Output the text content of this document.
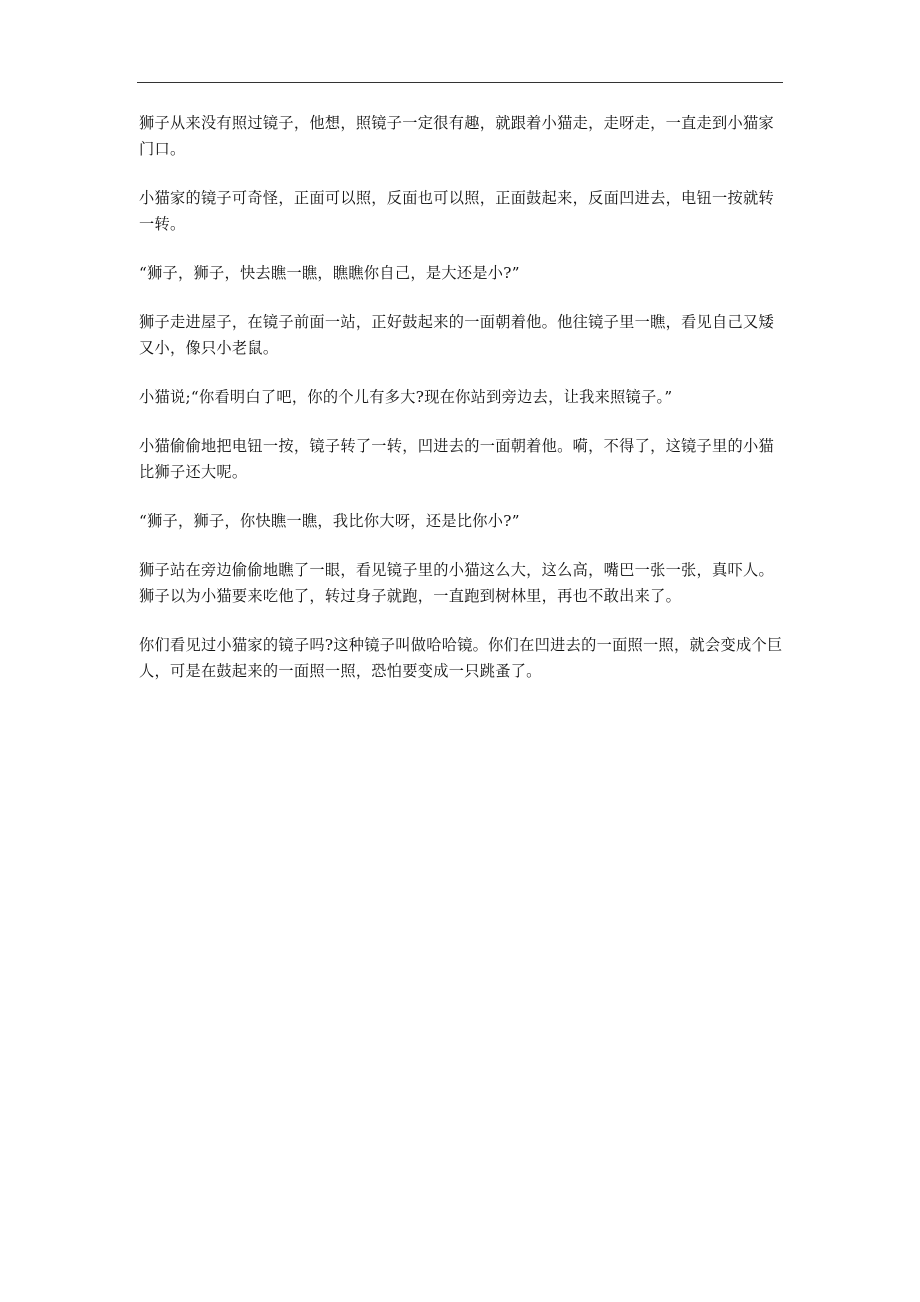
狮子从来没有照过镜子，他想，照镜子一定很有趣，就跟着小猫走，走呀走，一直走到小猫家门口。

小猫家的镜子可奇怪，正面可以照，反面也可以照，正面鼓起来，反面凹进去，电钮一按就转一转。

“狮子，狮子，快去瞧一瞧，瞧瞧你自己，是大还是小?”

狮子走进屋子，在镜子前面一站，正好鼓起来的一面朝着他。他往镜子里一瞧，看见自己又矮又小，像只小老鼠。

小猫说;“你看明白了吧，你的个儿有多大?现在你站到旁边去，让我来照镜子。”

小猫偷偷地把电钮一按，镜子转了一转，凹进去的一面朝着他。嗬，不得了，这镜子里的小猫比狮子还大呢。

“狮子，狮子，你快瞧一瞧，我比你大呀，还是比你小?”

狮子站在旁边偷偷地瞧了一眼，看见镜子里的小猫这么大，这么高，嘴巴一张一张，真吓人。狮子以为小猫要来吃他了，转过身子就跑，一直跑到树林里，再也不敢出来了。

你们看见过小猫家的镜子吗?这种镜子叫做哈哈镜。你们在凹进去的一面照一照，就会变成个巨人，可是在鼓起来的一面照一照，恐怕要变成一只跳蚤了。
